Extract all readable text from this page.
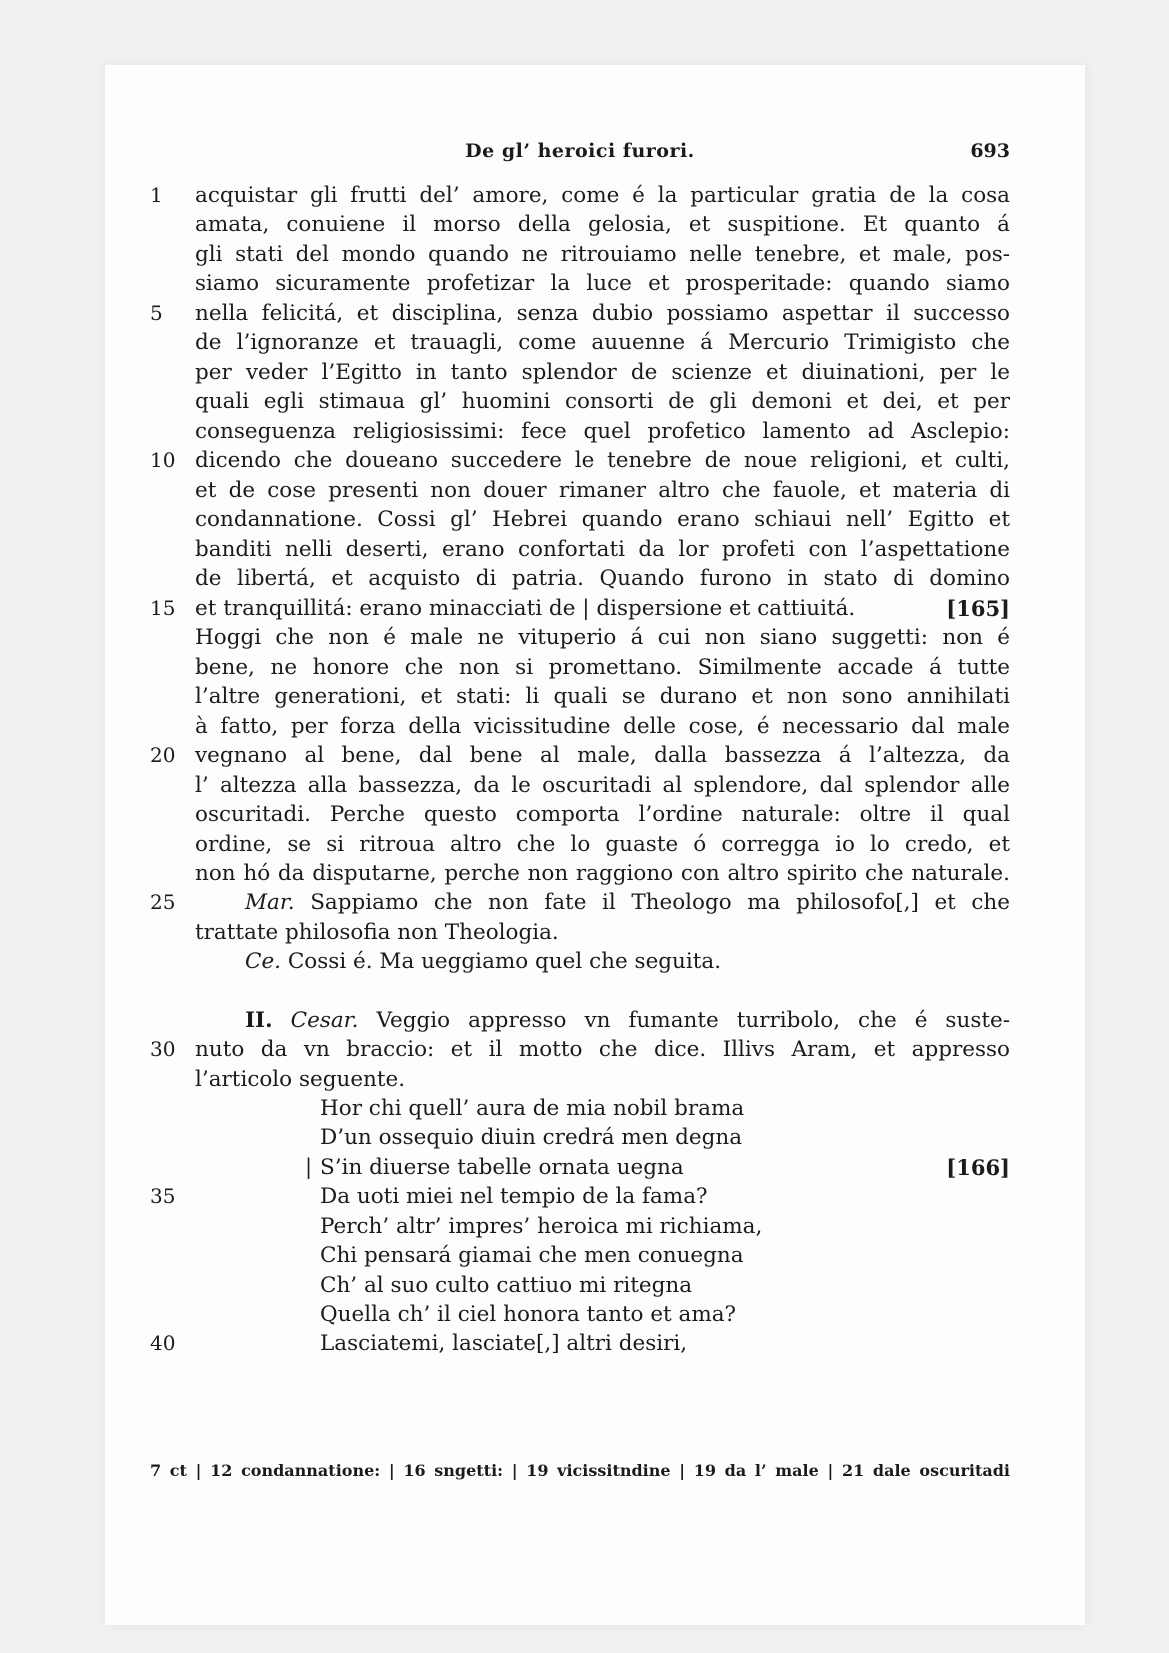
De gl’ heroici furori.	693
1
5
10
15
20
25
30
35
40
acquistar gli frutti del’ amore, come é la particular gratia de la cosa
amata, conuiene il morso della gelosia, et suspitione. Et quanto á
gli stati del mondo quando ne ritrouiamo nelle tenebre, et male, pos-
siamo sicuramente profetizar la luce et prosperitade: quando siamo
nella felicitá, et disciplina, senza dubio possiamo aspettar il successo
de l’ignoranze et trauagli, come auuenne á Mercurio Trimigisto che
per veder l’Egitto in tanto splendor de scienze et diuinationi, per le
quali egli stimaua gl’ huomini consorti de gli demoni et dei, et per
conseguenza religiosissimi: fece quel profetico lamento ad Asclepio:
dicendo che doueano succedere le tenebre de noue religioni, et culti,
et de cose presenti non douer rimaner altro che fauole, et materia di
condannatione. Cossi gl’ Hebrei quando erano schiaui nell’ Egitto et
banditi nelli deserti, erano confortati da lor profeti con l’aspettatione
de libertá, et acquisto di patria. Quando furono in stato di domino
et tranquillitá: erano minacciati de | dispersione et cattiuitá.	[165]
Hoggi che non é male ne vituperio á cui non siano suggetti: non é
bene, ne honore che non si promettano. Similmente accade á tutte
l’altre generationi, et stati: li quali se durano et non sono annihilati
à fatto, per forza della vicissitudine delle cose, é necessario dal male
vegnano al bene, dal bene al male, dalla bassezza á l’altezza, da
l’ altezza alla bassezza, da le oscuritadi al splendore, dal splendor alle
oscuritadi. Perche questo comporta l’ordine naturale: oltre il qual
ordine, se si ritroua altro che lo guaste ó corregga io lo credo, et
non hó da disputarne, perche non raggiono con altro spirito che naturale.
Mar. Sappiamo che non fate il Theologo ma philosofo[,] et che
trattate philosofia non Theologia.
Ce. Cossi é. Ma ueggiamo quel che seguita.
II. Cesar. Veggio appresso vn fumante turribolo, che é suste-
nuto da vn braccio: et il motto che dice. Illivs Aram, et appresso
l’articolo seguente.
Hor chi quell’ aura de mia nobil brama
D’un ossequio diuin credrá men degna
| S’in diuerse tabelle ornata uegna	[166]
Da uoti miei nel tempio de la fama?
Perch’ altr’ impres’ heroica mi richiama,
Chi pensará giamai che men conuegna
Ch’ al suo culto cattiuo mi ritegna
Quella ch’ il ciel honora tanto et ama?
Lasciatemi, lasciate[,] altri desiri,
7 ct | 12 condannatione: | 16 sngetti: | 19 vicissitndine | 19 da l’ male | 21 dale oscuritadi
